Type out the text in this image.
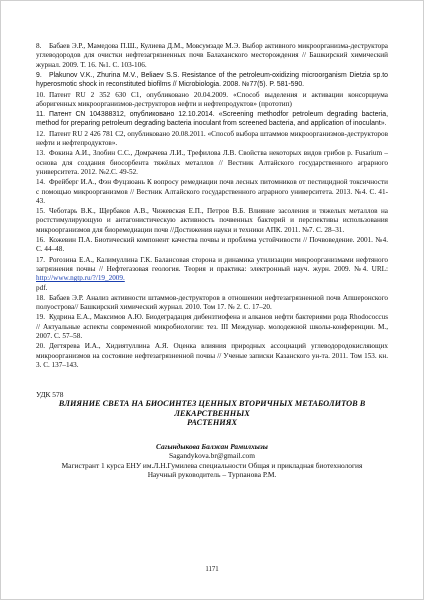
8. Бабаев Э.Р., Мамедова П.Ш., Кулиева Д.М., Мовсумзаде М.Э. Выбор активного микроорганизма-деструктора углеводородов для очистки нефтезагрязненных почв Балаханского месторождения // Башкирский химический журнал. 2009. Т. 16. №1. С. 103-106.

9. Plakunov V.K., Zhurina M.V., Beliaev S.S. Resistance of the petroleum-oxidizing microorganism Dietzia sp.to hyperosmotic shock in reconstituted biofilms // Microbiologia. 2008. №77(5). P. 581-590.

10. Патент RU 2 352 630 C1, опубликовано 20.04.2009. «Способ выделения и активации консорциума аборигенных микроорганизмов-деструкторов нефти и нефтепродуктов» (прототип)

11. Патент CN 104388312, опубликовано 12.10.2014. «Screening methodfor petroleum degrading bacteria, method for preparing petroleum degrading bacteria inoculant from screened bacteria, and application of inoculant».

12. Патент RU 2 426 781 C2, опубликовано 20.08.2011. «Способ выбора штаммов микроорганизмов-деструкторов нефти и нефтепродуктов».

13. Фокина А.И., Злобин С.С., Домрачева Л.И., Трефилова Л.В. Свойства некоторых видов грибов р. Fusarium – основа для создания биосорбента тяжёлых металлов // Вестник Алтайского государственного аграрного университета. 2012. №2.С. 49-52.

14. Фрейберг И.А., Фэн Фуцзюань К вопросу ремедиации почв лесных питомников от пестицидной токсичности с помощью микроорганизмов // Вестник Алтайского государственного аграрного университета. 2013. №4. С. 41-43.

15. Чеботарь В.К., Щербаков А.В., Чижевская Е.П., Петров В.Б. Влияние засоления и тяжелых металлов на ростстимулирующую и антагонистическую активность почвенных бактерий и перспективы использования микроорганизмов для биоремедиации почв //Достижения науки и техники АПК. 2011. №7. С. 28–31.

16. Кожевин П.А. Биотический компонент качества почвы и проблема устойчивости // Почвоведение. 2001. №4. С. 44–48.

17. Рогозина Е.А., Калимуллина Г.К. Балансовая сторона и динамика утилизации микроорганизмами нефтяного загрязнения почвы // Нефтегазовая геология. Теория и практика: электронный науч. журн. 2009. №4. URL: http://www.ngtp.ru/?/19_2009.
pdf.

18. Бабаев Э.Р. Анализ активности штаммов-деструкторов в отношении нефтезагрязненной почв Апшеронского полуострова// Башкирский химический журнал. 2010. Том 17. № 2. С. 17–20.

19. Кудрина Е.А., Максимов А.Ю. Биодеградация дибензтиофена и алканов нефти бактериями рода Rhodococcus // Актуальные аспекты современной микробиологии: тез. III Междунар. молодежной школы-конференции. М., 2007. С. 57–58.

20. Дегтярева И.А., Хидиятуллина А.Я. Оценка влияния природных ассоциаций углеводородокисляющих микроорганизмов на состояние нефтезагрязненной почвы // Ученые записки Казанского ун-та. 2011. Том 153. кн. 3. С. 137–143.

УДК 578

ВЛИЯНИЕ СВЕТА НА БИОСИНТЕЗ ЦЕННЫХ ВТОРИЧНЫХ МЕТАБОЛИТОВ В

ЛЕКАРСТВЕННЫХ

РАСТЕНИЯХ

Сагындыкова Балжан Рамилхызы
Sagandykova.br@gmail.com
Магистрант 1 курса ЕНУ им.Л.Н.Гумилева специальности Общая и прикладная биотехнология
Научный руководитель – Турпанова Р.М.
1171
